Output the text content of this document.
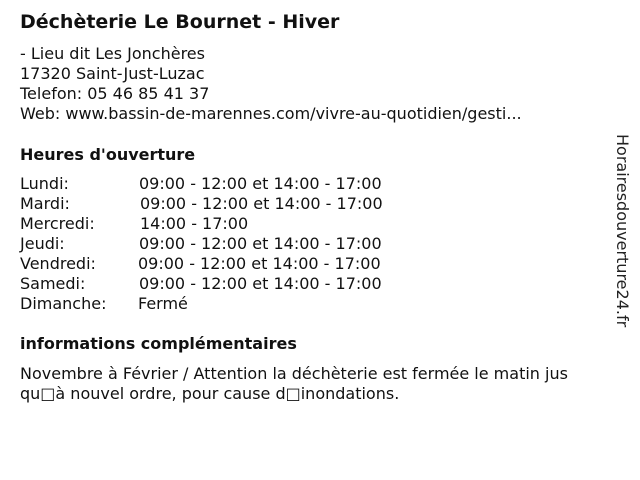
Déchèterie Le Bournet - Hiver
- Lieu dit Les Jonchères
17320 Saint-Just-Luzac
Telefon: 05 46 85 41 37
Web: www.bassin-de-marennes.com/vivre-au-quotidien/gesti...
Heures d'ouverture
Lundi:	09:00 - 12:00 et 14:00 - 17:00
Mardi:	09:00 - 12:00 et 14:00 - 17:00
Mercredi:	14:00 - 17:00
Jeudi:	09:00 - 12:00 et 14:00 - 17:00
Vendredi:	09:00 - 12:00 et 14:00 - 17:00
Samedi:	09:00 - 12:00 et 14:00 - 17:00
Dimanche: Fermé
informations complémentaires
Novembre à Février / Attention la déchèterie est fermée le matin jus
qu□à nouvel ordre, pour cause d□inondations.
Horairesdouverture24.fr
